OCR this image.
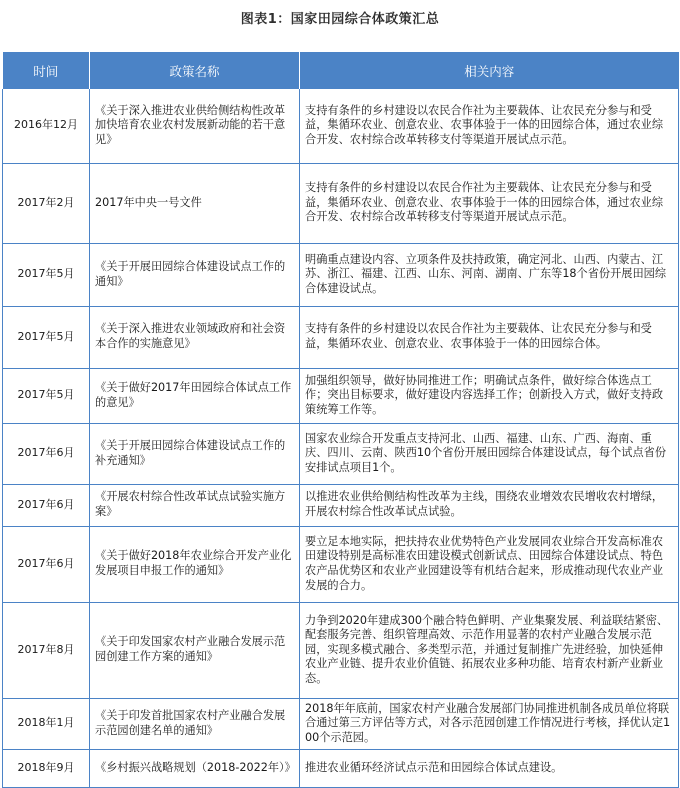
图表1：国家田园综合体政策汇总
时间	政策名称	相关内容
2016年12月	《关于深入推进农业供给侧结构性改革 加快培育农业农村发展新动能的若干意见》	支持有条件的乡村建设以农民合作社为主要载体、让农民充分参与和受益，集循环农业、创意农业、农事体验于一体的田园综合体，通过农业综合开发、农村综合改革转移支付等渠道开展试点示范。
2017年2月	2017年中央一号文件	支持有条件的乡村建设以农民合作社为主要载体、让农民充分参与和受益，集循环农业、创意农业、农事体验于一体的田园综合体，通过农业综合开发、农村综合改革转移支付等渠道开展试点示范。
2017年5月	《关于开展田园综合体建设试点工作的通知》	明确重点建设内容、立项条件及扶持政策，确定河北、山西、内蒙古、江苏、浙江、福建、江西、山东、河南、湖南、广东等18个省份开展田园综合体建设试点。
2017年5月	《关于深入推进农业领域政府和社会资本合作的实施意见》	支持有条件的乡村建设以农民合作社为主要载体、让农民充分参与和受益，集循环农业、创意农业、农事体验于一体的田园综合体。
2017年5月	《关于做好2017年田园综合体试点工作的意见》	加强组织领导，做好协同推进工作；明确试点条件，做好综合体选点工作；突出目标要求，做好建设内容选择工作；创新投入方式，做好支持政策统筹工作等。
2017年6月	《关于开展田园综合体建设试点工作的补充通知》	国家农业综合开发重点支持河北、山西、福建、山东、广西、海南、重庆、四川、云南、陕西10个省份开展田园综合体建设试点，每个试点省份安排试点项目1个。
2017年6月	《开展农村综合性改革试点试验实施方案》	以推进农业供给侧结构性改革为主线，围绕农业增效农民增收农村增绿，开展农村综合性改革试点试验。
2017年6月	《关于做好2018年农业综合开发产业化发展项目申报工作的通知》	要立足本地实际，把扶持农业优势特色产业发展同农业综合开发高标准农田建设特别是高标准农田建设模式创新试点、田园综合体建设试点、特色农产品优势区和农业产业园建设等有机结合起来，形成推动现代农业产业发展的合力。
2017年8月	《关于印发国家农村产业融合发展示范园创建工作方案的通知》	力争到2020年建成300个融合特色鲜明、产业集聚发展、利益联结紧密、配套服务完善、组织管理高效、示范作用显著的农村产业融合发展示范园，实现多模式融合、多类型示范，并通过复制推广先进经验，加快延伸农业产业链、提升农业价值链、拓展农业多种功能、培育农村新产业新业态。
2018年1月	《关于印发首批国家农村产业融合发展示范园创建名单的通知》	2018年年底前，国家农村产业融合发展部门协同推进机制各成员单位将联合通过第三方评估等方式，对各示范园创建工作情况进行考核，择优认定100个示范园。
2018年9月	《乡村振兴战略规划（2018-2022年）》	推进农业循环经济试点示范和田园综合体试点建设。
